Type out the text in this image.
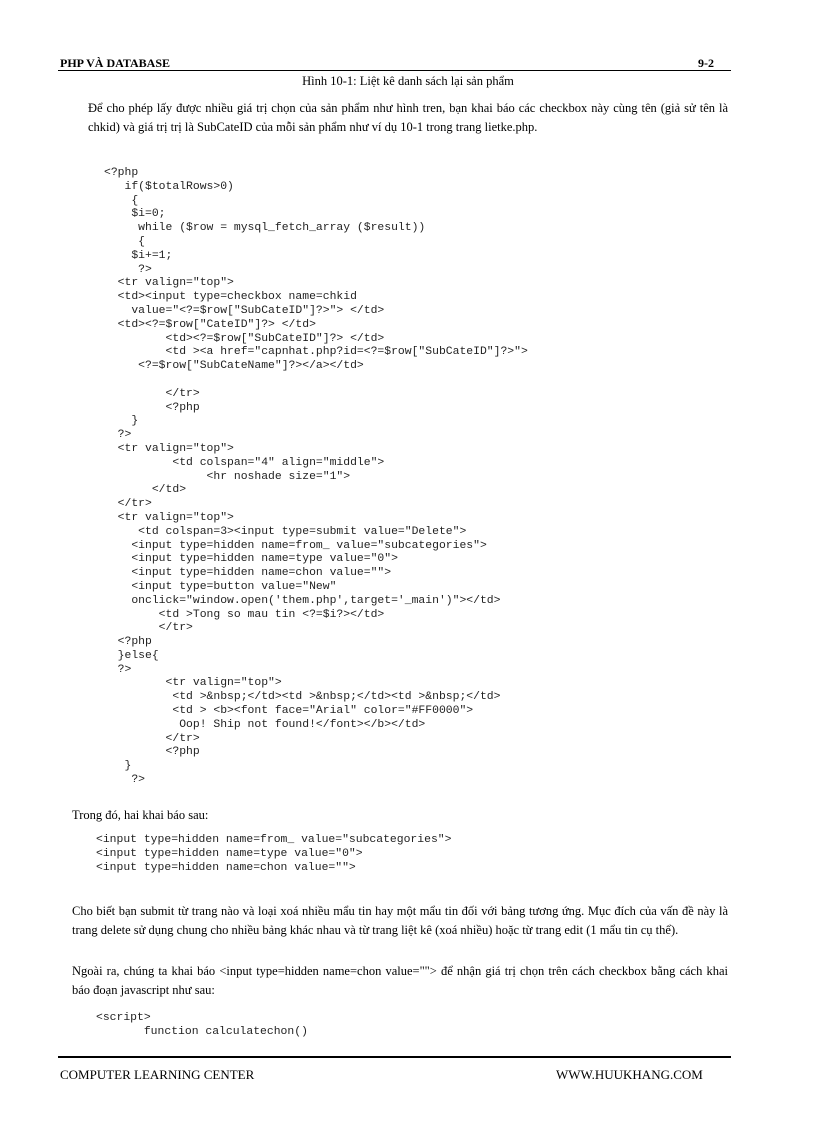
PHP VÀ DATABASE	9-2
Hình 10-1: Liệt kê danh sách lại sản phẩm
Để cho phép lấy được nhiều giá trị chọn của sản phẩm như hình tren, bạn khai báo các checkbox này cùng tên (giả sử tên là chkid) và giá trị trị là SubCateID của mỗi sản phẩm như ví dụ 10-1 trong trang lietke.php.
<?php
if($totalRows>0)
{
$i=0;
while ($row = mysql_fetch_array ($result))
{
$i+=1;
?>
<tr valign="top">
<td><input type=checkbox name=chkid
value="<?=$row["SubCateID"]?>"> </td>
<td><?=$row["CateID"]?> </td>
<td><?=$row["SubCateID"]?> </td>
<td ><a href="capnhat.php?id=<?=$row["SubCateID"]?>">
<?=$row["SubCateName"]?></a></td>

</tr>
<?php
}
?>
<tr valign="top">
<td colspan="4" align="middle">
<hr noshade size="1">
</td>
</tr>
<tr valign="top">
<td colspan=3><input type=submit value="Delete">
<input type=hidden name=from_ value="subcategories">
<input type=hidden name=type value="0">
<input type=hidden name=chon value="">
<input type=button value="New"
onclick="window.open('them.php',target='_main')"></td>
<td >Tong so mau tin <?=$i?></td>
</tr>
<?php
}else{
?>
<tr valign="top">
<td >&nbsp;</td><td >&nbsp;</td><td >&nbsp;</td>
<td > <b><font face="Arial" color="#FF0000">
Oop! Ship not found!</font></b></td>
</tr>
<?php
}
?>
Trong đó, hai khai báo sau:
<input type=hidden name=from_ value="subcategories">
<input type=hidden name=type value="0">
<input type=hidden name=chon value="">
Cho biết bạn submit từ trang nào và loại xoá nhiều mẩu tin hay một mẩu tin đối với bảng tương ứng. Mục đích của vấn đề này là trang delete sử dụng chung cho nhiều bảng khác nhau và từ trang liệt kê (xoá nhiều) hoặc từ trang edit (1 mẩu tin cụ thể).
Ngoài ra, chúng ta khai báo <input type=hidden name=chon value=""> để nhận giá trị chọn trên cách checkbox bằng cách khai báo đoạn javascript như sau:
<script>
function calculatechon()
COMPUTER LEARNING CENTER	WWW.HUUKHANG.COM
